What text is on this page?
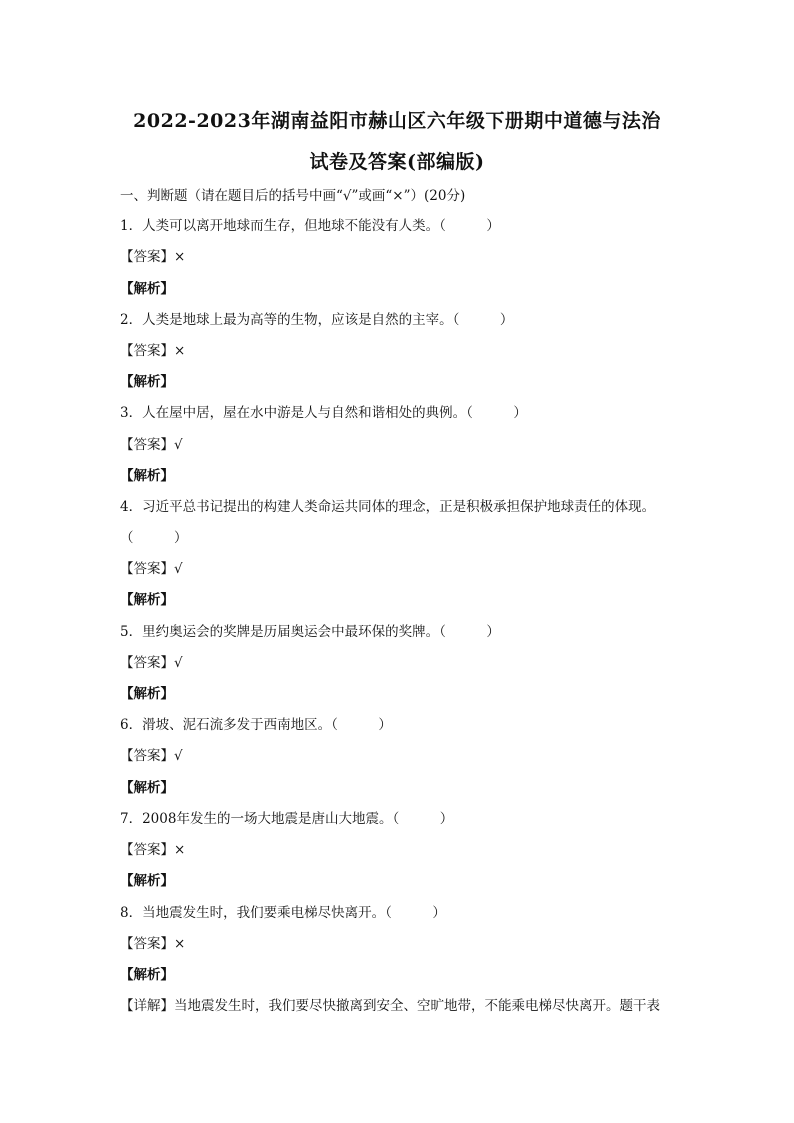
2022-2023年湖南益阳市赫山区六年级下册期中道德与法治
试卷及答案(部编版)
一、判断题（请在题目后的括号中画“√”或画“×”）(20分)
1．人类可以离开地球而生存，但地球不能没有人类。（　　　）
【答案】×
【解析】
2．人类是地球上最为高等的生物，应该是自然的主宰。（　　　）
【答案】×
【解析】
3．人在屋中居，屋在水中游是人与自然和谐相处的典例。（　　　）
【答案】√
【解析】
4．习近平总书记提出的构建人类命运共同体的理念，正是积极承担保护地球责任的体现。
（　　　）
【答案】√
【解析】
5．里约奥运会的奖牌是历届奥运会中最环保的奖牌。（　　　）
【答案】√
【解析】
6．滑坡、泥石流多发于西南地区。（　　　）
【答案】√
【解析】
7．2008年发生的一场大地震是唐山大地震。（　　　）
【答案】×
【解析】
8．当地震发生时，我们要乘电梯尽快离开。（　　　）
【答案】×
【解析】
【详解】当地震发生时，我们要尽快撤离到安全、空旷地带，不能乘电梯尽快离开。题干表
